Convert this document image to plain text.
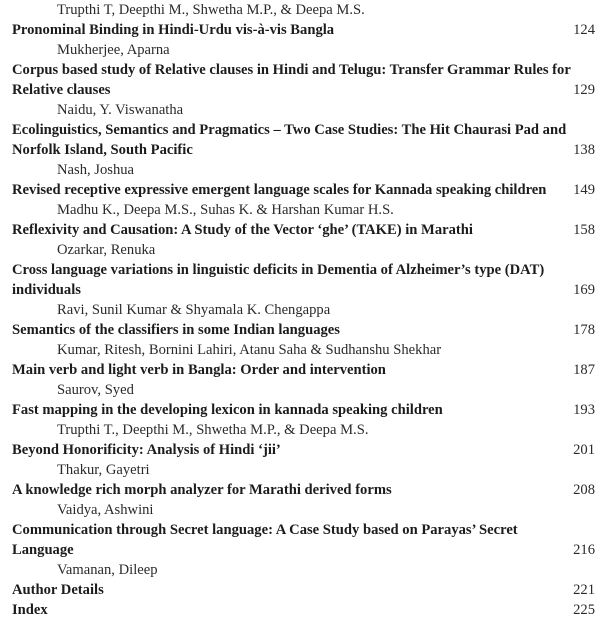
Trupthi T, Deepthi M., Shwetha M.P., & Deepa M.S.
Pronominal Binding in Hindi-Urdu vis-à-vis Bangla	124
Mukherjee, Aparna
Corpus based study of Relative clauses in Hindi and Telugu: Transfer Grammar Rules for
Relative clauses	129
Naidu, Y. Viswanatha
Ecolinguistics, Semantics and Pragmatics – Two Case Studies: The Hit Chaurasi Pad and
Norfolk Island, South Pacific	138
Nash, Joshua
Revised receptive expressive emergent language scales for Kannada speaking children 149
Madhu K., Deepa M.S., Suhas K. & Harshan Kumar H.S.
Reflexivity and Causation: A Study of the Vector ‘ghe’ (TAKE) in Marathi	158
Ozarkar, Renuka
Cross language variations in linguistic deficits in Dementia of Alzheimer’s type (DAT)
individuals	169
Ravi, Sunil Kumar & Shyamala K. Chengappa
Semantics of the classifiers in some Indian languages	178
Kumar, Ritesh, Bornini Lahiri, Atanu Saha & Sudhanshu Shekhar
Main verb and light verb in Bangla: Order and intervention	187
Saurov, Syed
Fast mapping in the developing lexicon in kannada speaking children	193
Trupthi T., Deepthi M., Shwetha M.P., & Deepa M.S.
Beyond Honorificity: Analysis of Hindi ‘jii’	201
Thakur, Gayetri
A knowledge rich morph analyzer for Marathi derived forms	208
Vaidya, Ashwini
Communication through Secret language: A Case Study based on Parayas’ Secret
Language	216
Vamanan, Dileep
Author Details	221
Index	225
